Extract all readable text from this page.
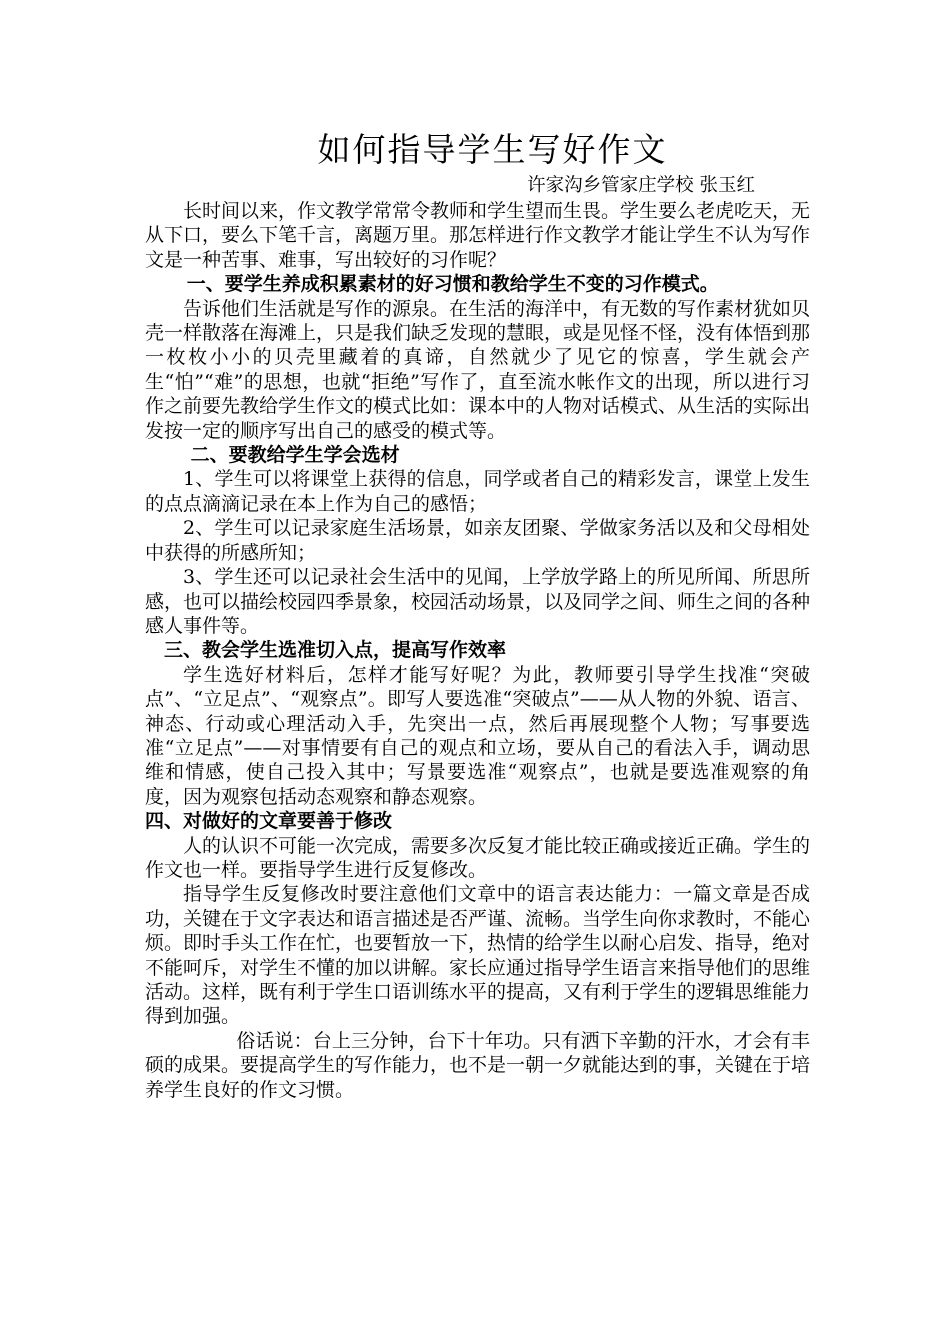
如何指导学生写好作文
许家沟乡管家庄学校 张玉红

长时间以来，作文教学常常令教师和学生望而生畏。学生要么老虎吃天，无从下口，要么下笔千言，离题万里。那怎样进行作文教学才能让学生不认为写作文是一种苦事、难事，写出较好的习作呢？

一、要学生养成积累素材的好习惯和教给学生不变的习作模式。

告诉他们生活就是写作的源泉。在生活的海洋中，有无数的写作素材犹如贝壳一样散落在海滩上，只是我们缺乏发现的慧眼，或是见怪不怪，没有体悟到那一枚枚小小的贝壳里藏着的真谛，自然就少了见它的惊喜，学生就会产生“怕”“难”的思想，也就“拒绝”写作了，直至流水帐作文的出现，所以进行习作之前要先教给学生作文的模式比如：课本中的人物对话模式、从生活的实际出发按一定的顺序写出自己的感受的模式等。

二、要教给学生学会选材

1、学生可以将课堂上获得的信息，同学或者自己的精彩发言，课堂上发生的点点滴滴记录在本上作为自己的感悟；

2、学生可以记录家庭生活场景，如亲友团聚、学做家务活以及和父母相处中获得的所感所知；

3、学生还可以记录社会生活中的见闻，上学放学路上的所见所闻、所思所感，也可以描绘校园四季景象，校园活动场景，以及同学之间、师生之间的各种感人事件等。

三、教会学生选准切入点，提高写作效率

学生选好材料后，怎样才能写好呢？为此，教师要引导学生找准“突破点”、“立足点”、“观察点”。即写人要选准“突破点”——从人物的外貌、语言、神态、行动或心理活动入手，先突出一点，然后再展现整个人物；写事要选准“立足点”——对事情要有自己的观点和立场，要从自己的看法入手，调动思维和情感，使自己投入其中；写景要选准“观察点”，也就是要选准观察的角度，因为观察包括动态观察和静态观察。

四、对做好的文章要善于修改

人的认识不可能一次完成，需要多次反复才能比较正确或接近正确。学生的作文也一样。要指导学生进行反复修改。

指导学生反复修改时要注意他们文章中的语言表达能力：一篇文章是否成功，关键在于文字表达和语言描述是否严谨、流畅。当学生向你求教时，不能心烦。即时手头工作在忙，也要暂放一下，热情的给学生以耐心启发、指导，绝对不能呵斥，对学生不懂的加以讲解。家长应通过指导学生语言来指导他们的思维活动。这样，既有利于学生口语训练水平的提高，又有利于学生的逻辑思维能力得到加强。

俗话说：台上三分钟，台下十年功。只有洒下辛勤的汗水，才会有丰硕的成果。要提高学生的写作能力，也不是一朝一夕就能达到的事，关键在于培养学生良好的作文习惯。
